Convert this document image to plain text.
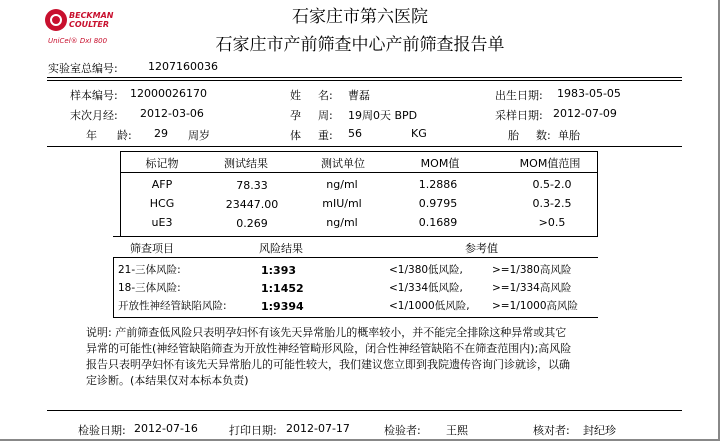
BECKMAN
COULTER
UniCel® DxI 800
石家庄市第六医院
石家庄市产前筛查中心产前筛查报告单
实验室总编号:	1207160036
样本编号: 12000026170	姓 名: 曹磊	出生日期: 1983-05-05
末次月经: 2012-03-06	孕 周: 19周0天 BPD	采样日期: 2012-07-09
年 龄: 29 周岁	体 重: 56	KG	胎 数: 单胎
标记物	测试结果	测试单位	MOM值	MOM值范围
AFP	78.33	ng/ml	1.2886	0.5-2.0
HCG	23447.00	mIU/ml	0.9795	0.3-2.5
uE3	0.269	ng/ml	0.1689	>0.5
筛查项目	风险结果	参考值
21-三体风险:	1:393	<1/380低风险,	>=1/380高风险
18-三体风险:	1:1452	<1/334低风险,	>=1/334高风险
开放性神经管缺陷风险:	1:9394	<1/1000低风险, >=1/1000高风险
说明: 产前筛查低风险只表明孕妇怀有该先天异常胎儿的概率较小，并不能完全排除这种异常或其它
异常的可能性(神经管缺陷筛查为开放性神经管畸形风险，闭合性神经管缺陷不在筛查范围内);高风险
报告只表明孕妇怀有该先天异常胎儿的可能性较大，我们建议您立即到我院遗传咨询门诊就诊，以确
定诊断。(本结果仅对本标本负责)
检验日期: 2012-07-16	打印日期: 2012-07-17	检验者: 王熙	核对者: 封纪珍
